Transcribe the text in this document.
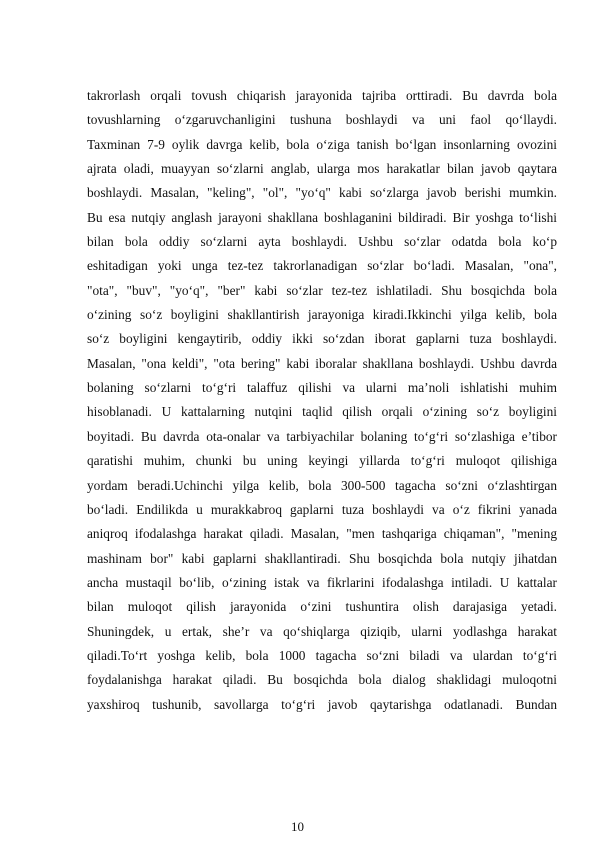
takrorlash orqali tovush chiqarish jarayonida tajriba orttiradi. Bu davrda bola
tovushlarning o‘zgaruvchanligini tushuna boshlaydi va uni faol qo‘llaydi.
Taxminan 7-9 oylik davrga kelib, bola o‘ziga tanish bo‘lgan insonlarning ovozini
ajrata oladi, muayyan so‘zlarni anglab, ularga mos harakatlar bilan javob qaytara
boshlaydi. Masalan, "keling", "ol", "yo‘q" kabi so‘zlarga javob berishi mumkin.
Bu esa nutqiy anglash jarayoni shakllana boshlaganini bildiradi. Bir yoshga to‘lishi
bilan bola oddiy so‘zlarni ayta boshlaydi. Ushbu so‘zlar odatda bola ko‘p
eshitadigan yoki unga tez-tez takrorlanadigan so‘zlar bo‘ladi. Masalan, "ona",
"ota", "buv", "yo‘q", "ber" kabi so‘zlar tez-tez ishlatiladi. Shu bosqichda bola
o‘zining so‘z boyligini shakllantirish jarayoniga kiradi.Ikkinchi yilga kelib, bola
so‘z boyligini kengaytirib, oddiy ikki so‘zdan iborat gaplarni tuza boshlaydi.
Masalan, "ona keldi", "ota bering" kabi iboralar shakllana boshlaydi. Ushbu davrda
bolaning so‘zlarni to‘g‘ri talaffuz qilishi va ularni ma’noli ishlatishi muhim
hisoblanadi. U kattalarning nutqini taqlid qilish orqali o‘zining so‘z boyligini
boyitadi. Bu davrda ota-onalar va tarbiyachilar bolaning to‘g‘ri so‘zlashiga e’tibor
qaratishi muhim, chunki bu uning keyingi yillarda to‘g‘ri muloqot qilishiga
yordam beradi.Uchinchi yilga kelib, bola 300-500 tagacha so‘zni o‘zlashtirgan
bo‘ladi. Endilikda u murakkabroq gaplarni tuza boshlaydi va o‘z fikrini yanada
aniqroq ifodalashga harakat qiladi. Masalan, "men tashqariga chiqaman", "mening
mashinam bor" kabi gaplarni shakllantiradi. Shu bosqichda bola nutqiy jihatdan
ancha mustaqil bo‘lib, o‘zining istak va fikrlarini ifodalashga intiladi. U kattalar
bilan muloqot qilish jarayonida o‘zini tushuntira olish darajasiga yetadi.
Shuningdek, u ertak, she’r va qo‘shiqlarga qiziqib, ularni yodlashga harakat
qiladi.To‘rt yoshga kelib, bola 1000 tagacha so‘zni biladi va ulardan to‘g‘ri
foydalanishga harakat qiladi. Bu bosqichda bola dialog shaklidagi muloqotni
yaxshiroq tushunib, savollarga to‘g‘ri javob qaytarishga odatlanadi. Bundan
10
